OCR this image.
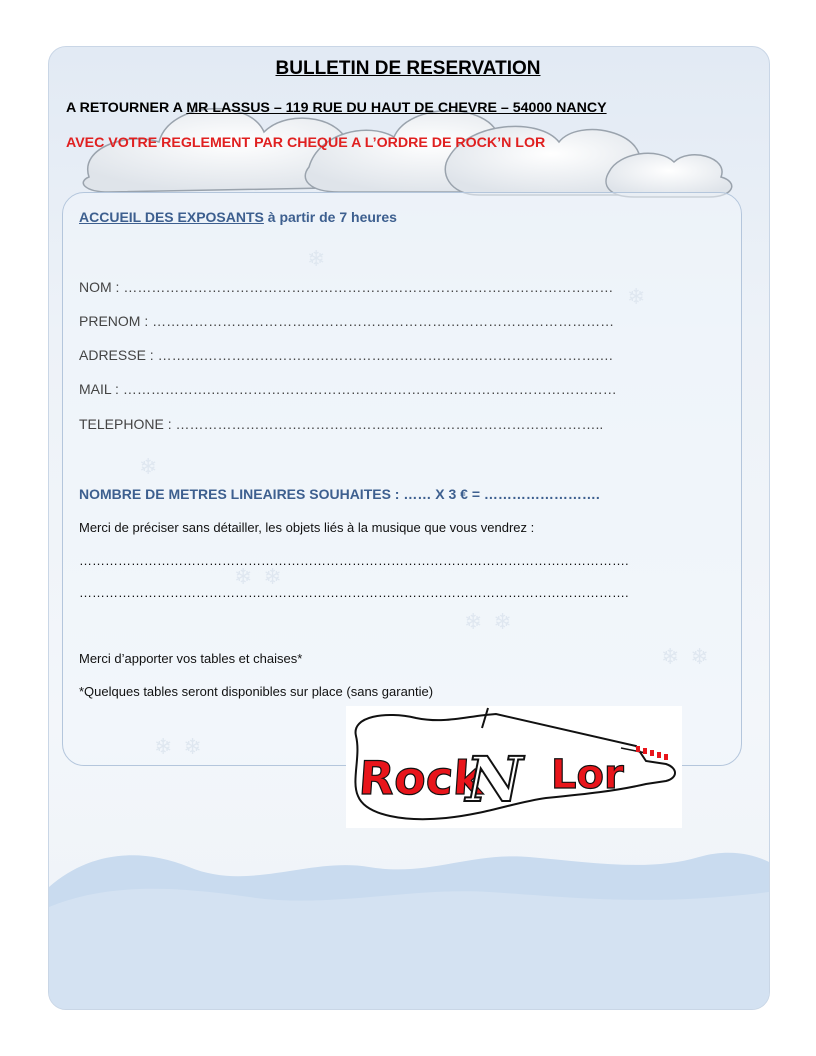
BULLETIN DE RESERVATION
A RETOURNER A MR LASSUS – 119 RUE DU HAUT DE CHEVRE – 54000 NANCY
AVEC VOTRE REGLEMENT PAR CHEQUE A L’ORDRE DE ROCK’N LOR
ACCUEIL DES EXPOSANTS à partir de 7 heures
NOM : ……………………………………………………………………………………………
PRENOM : ………………………………………………………………………………………
ADRESSE : ……….………………………………………………………………………….…
MAIL : ……………….……………………………………………………………………………
TELEPHONE : ………………………………………………………………………………..
NOMBRE DE METRES LINEAIRES SOUHAITES : …… X 3 € = …………………….
Merci de préciser sans détailler, les objets liés à la musique que vous vendrez :
……………………………………………………………………………………………………………….
……………………………………………………………………………………………………………….
Merci d’apporter vos tables et chaises*
*Quelques tables seront disponibles sur place (sans garantie)
Rock
N Lor
